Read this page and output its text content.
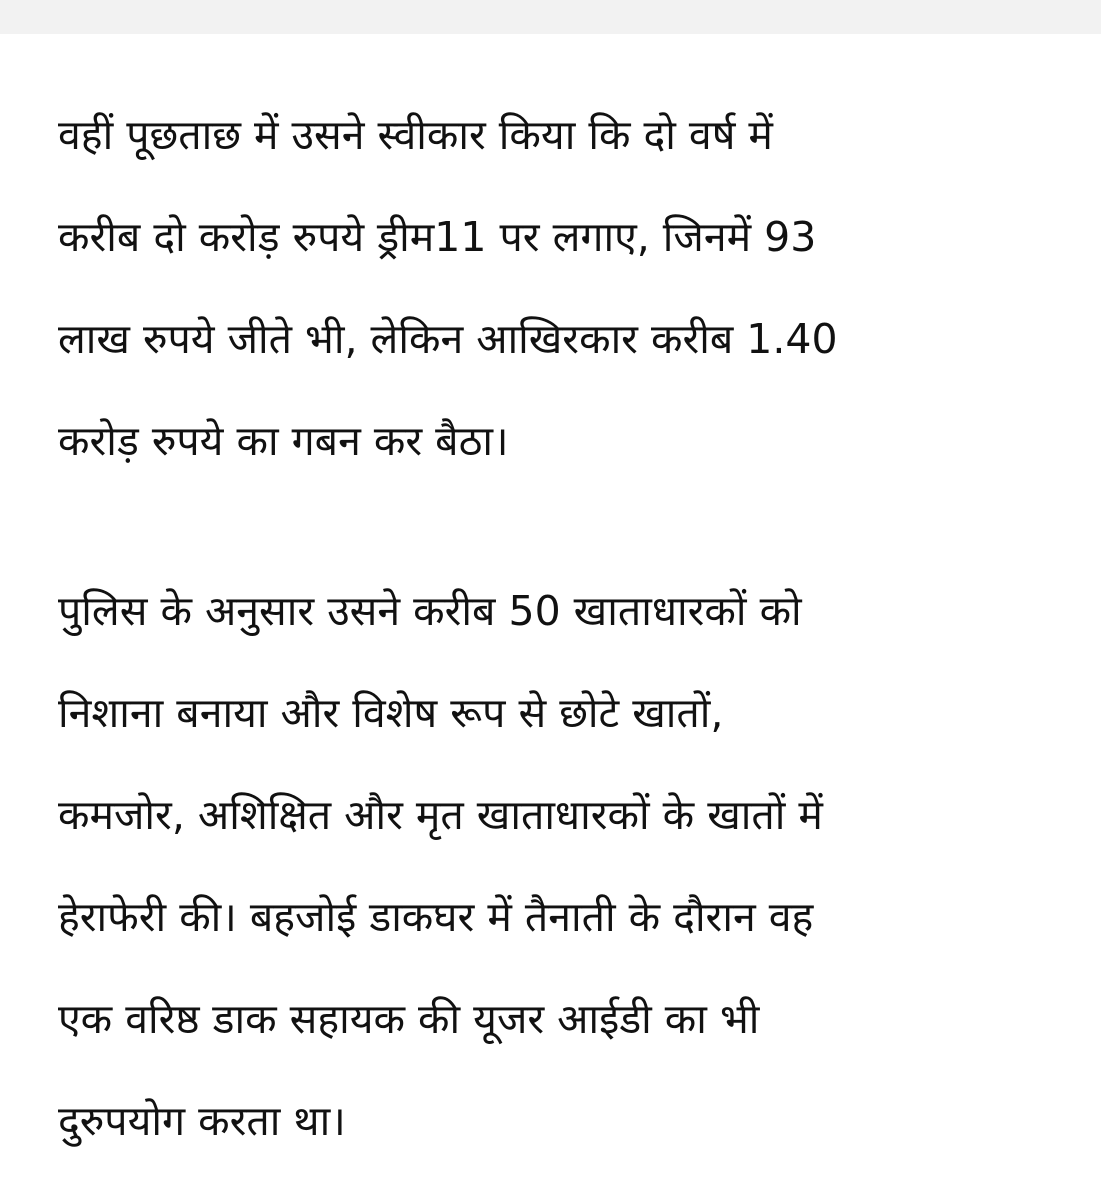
वहीं पूछताछ में उसने स्वीकार किया कि दो वर्ष में
करीब दो करोड़ रुपये ड्रीम11 पर लगाए, जिनमें 93
लाख रुपये जीते भी, लेकिन आखिरकार करीब 1.40
करोड़ रुपये का गबन कर बैठा।

पुलिस के अनुसार उसने करीब 50 खाताधारकों को
निशाना बनाया और विशेष रूप से छोटे खातों,
कमजोर, अशिक्षित और मृत खाताधारकों के खातों में
हेराफेरी की। बहजोई डाकघर में तैनाती के दौरान वह
एक वरिष्ठ डाक सहायक की यूजर आईडी का भी
दुरुपयोग करता था।
